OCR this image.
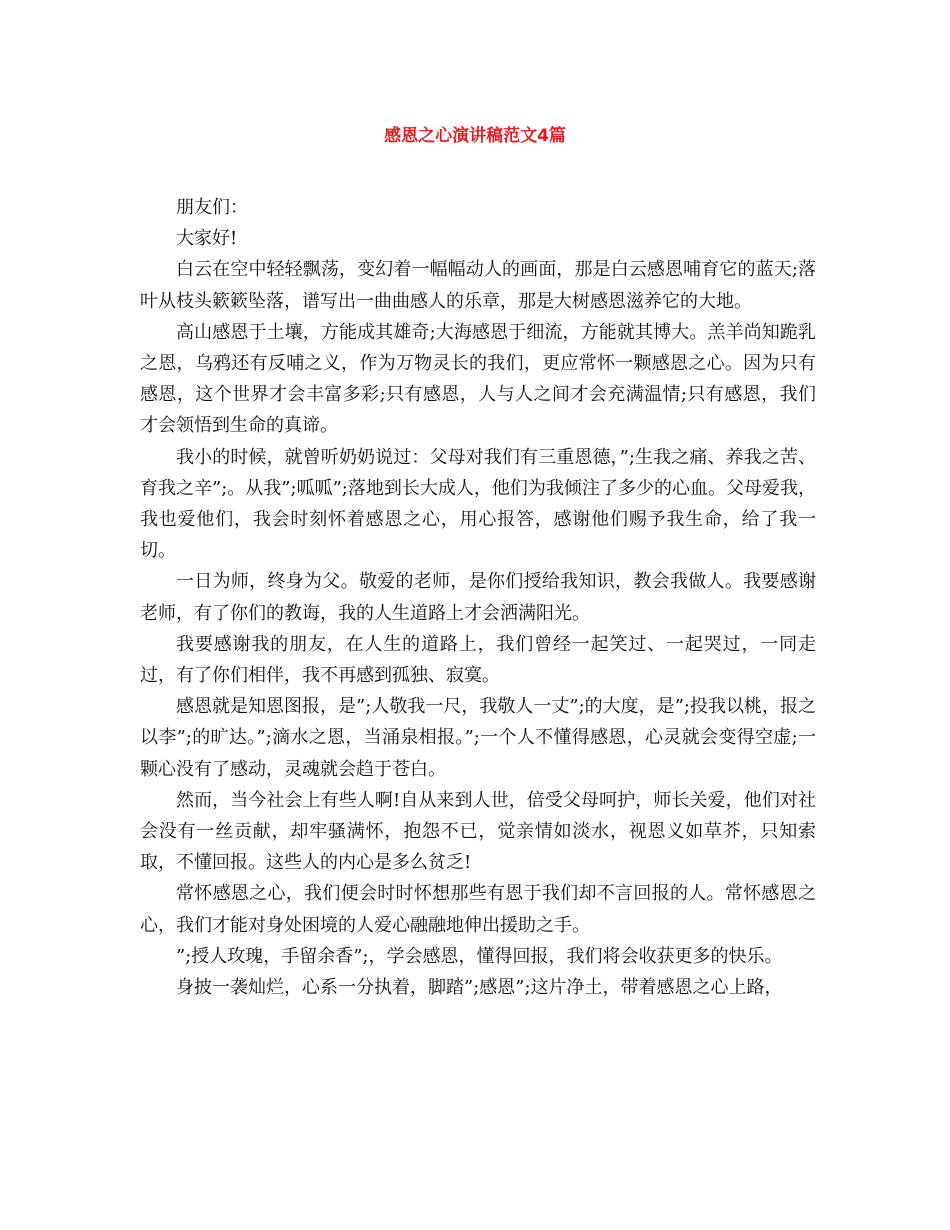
感恩之心演讲稿范文4篇

朋友们：

大家好!

白云在空中轻轻飘荡，变幻着一幅幅动人的画面，那是白云感恩哺育它的蓝天;落叶从枝头簌簌坠落，谱写出一曲曲感人的乐章，那是大树感恩滋养它的大地。

高山感恩于土壤，方能成其雄奇;大海感恩于细流，方能就其博大。羔羊尚知跪乳之恩，乌鸦还有反哺之义，作为万物灵长的我们，更应常怀一颗感恩之心。因为只有感恩，这个世界才会丰富多彩;只有感恩，人与人之间才会充满温情;只有感恩，我们才会领悟到生命的真谛。

我小的时候，就曾听奶奶说过：父母对我们有三重恩德，”;生我之痛、养我之苦、育我之辛”;。从我”;呱呱”;落地到长大成人，他们为我倾注了多少的心血。父母爱我，我也爱他们，我会时刻怀着感恩之心，用心报答，感谢他们赐予我生命，给了我一切。

一日为师，终身为父。敬爱的老师，是你们授给我知识，教会我做人。我要感谢老师，有了你们的教诲，我的人生道路上才会洒满阳光。

我要感谢我的朋友，在人生的道路上，我们曾经一起笑过、一起哭过，一同走过，有了你们相伴，我不再感到孤独、寂寞。

感恩就是知恩图报，是”;人敬我一尺，我敬人一丈”;的大度，是”;投我以桃，报之以李”;的旷达。”;滴水之恩，当涌泉相报。”;一个人不懂得感恩，心灵就会变得空虚;一颗心没有了感动，灵魂就会趋于苍白。

然而，当今社会上有些人啊!自从来到人世，倍受父母呵护，师长关爱，他们对社会没有一丝贡献，却牢骚满怀，抱怨不已，觉亲情如淡水，视恩义如草芥，只知索取，不懂回报。这些人的内心是多么贫乏!

常怀感恩之心，我们便会时时怀想那些有恩于我们却不言回报的人。常怀感恩之心，我们才能对身处困境的人爱心融融地伸出援助之手。

”;授人玫瑰，手留余香”;，学会感恩，懂得回报，我们将会收获更多的快乐。

身披一袭灿烂，心系一分执着，脚踏”;感恩”;这片净土，带着感恩之心上路，
